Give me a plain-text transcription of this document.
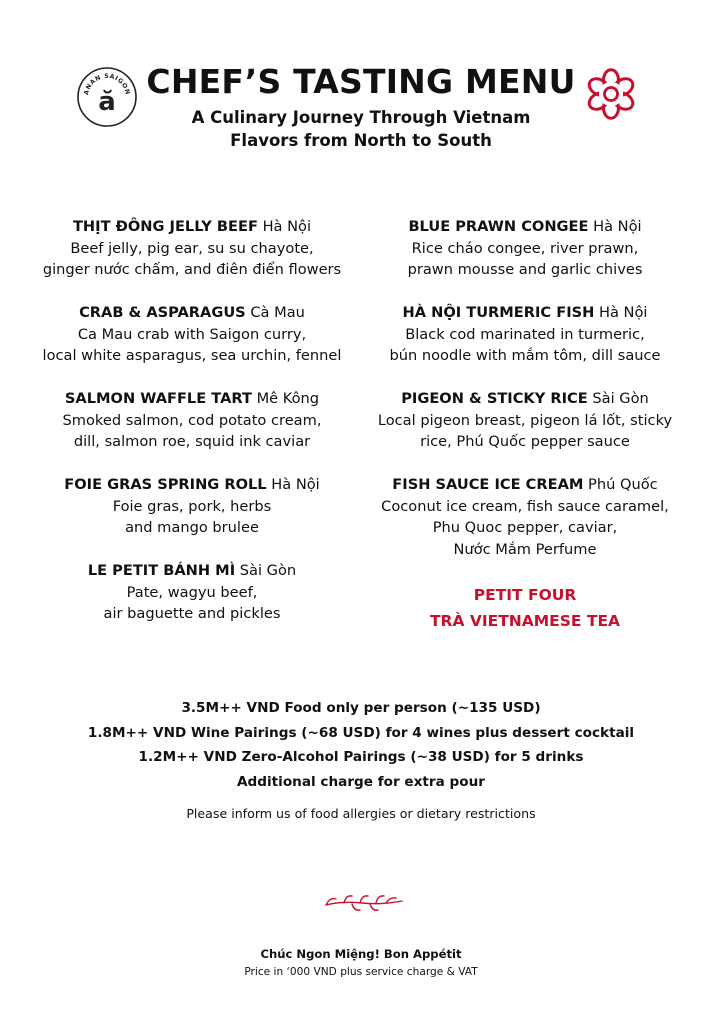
ANAN SAIGON
ă
CHEF’S TASTING MENU
A Culinary Journey Through Vietnam
Flavors from North to South
THỊT ĐÔNG JELLY BEEF Hà Nội
Beef jelly, pig ear, su su chayote,
ginger nước chấm, and điên điển flowers
CRAB & ASPARAGUS Cà Mau
Ca Mau crab with Saigon curry,
local white asparagus, sea urchin, fennel
SALMON WAFFLE TART Mê Kông
Smoked salmon, cod potato cream,
dill, salmon roe, squid ink caviar
FOIE GRAS SPRING ROLL Hà Nội
Foie gras, pork, herbs
and mango brulee
LE PETIT BÁNH MÌ Sài Gòn
Pate, wagyu beef,
air baguette and pickles
BLUE PRAWN CONGEE Hà Nội
Rice cháo congee, river prawn,
prawn mousse and garlic chives
HÀ NỘI TURMERIC FISH Hà Nội
Black cod marinated in turmeric,
bún noodle with mắm tôm, dill sauce
PIGEON & STICKY RICE Sài Gòn
Local pigeon breast, pigeon lá lốt, sticky
rice, Phú Quốc pepper sauce
FISH SAUCE ICE CREAM Phú Quốc
Coconut ice cream, fish sauce caramel,
Phu Quoc pepper, caviar,
Nước Mắm Perfume
PETIT FOUR
TRÀ VIETNAMESE TEA
3.5M++ VND Food only per person (~135 USD)
1.8M++ VND Wine Pairings (~68 USD) for 4 wines plus dessert cocktail
1.2M++ VND Zero-Alcohol Pairings (~38 USD) for 5 drinks
Additional charge for extra pour
Please inform us of food allergies or dietary restrictions
Chúc Ngon Miệng! Bon Appétit
Price in ‘000 VND plus service charge & VAT
